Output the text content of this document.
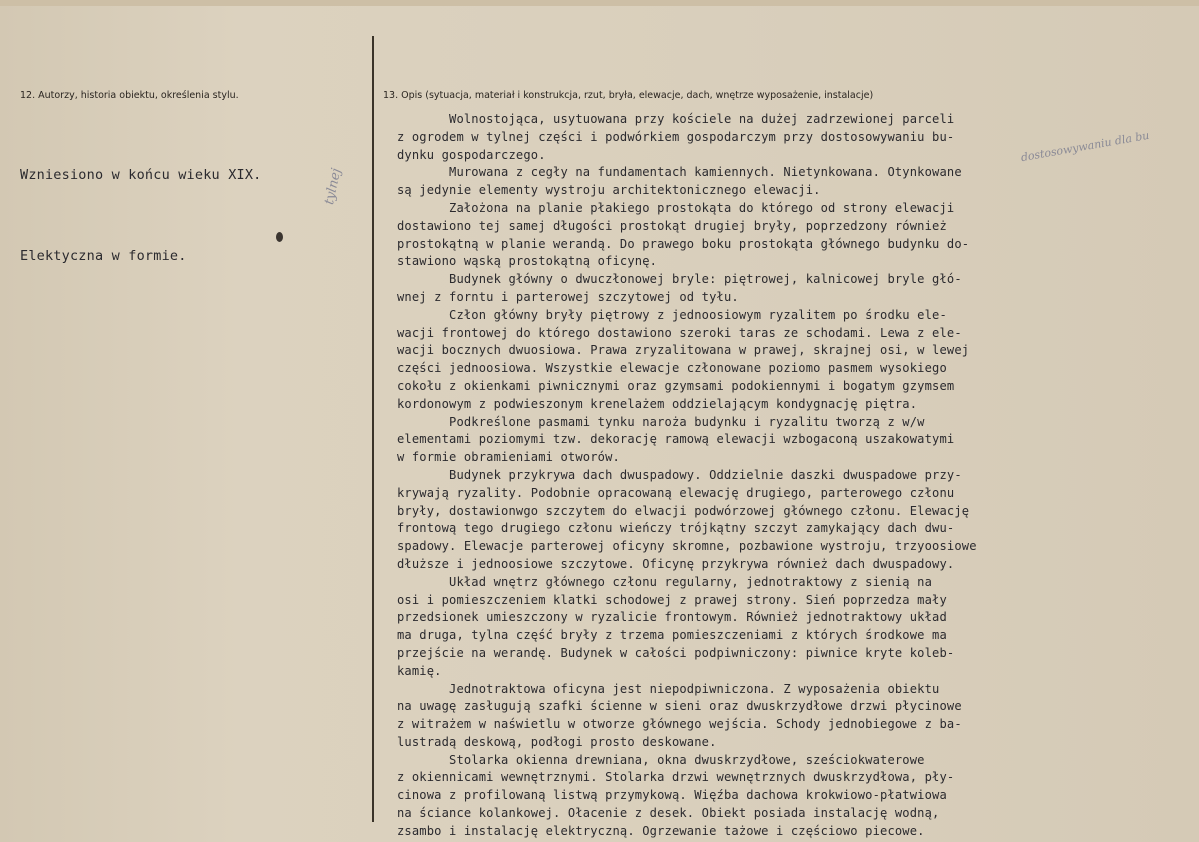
12. Autorzy, historia obiektu, określenia stylu.

Wzniesiono w końcu wieku XIX.

Elektyczna w formie.

tylnej
13. Opis (sytuacja, materiał i konstrukcja, rzut, bryła, elewacje, dach, wnętrze wyposażenie, instalacje)
dostosowywaniu dla bu
Wolnostojąca, usytuowana przy kościele na dużej zadrzewionej parceli
z ogrodem w tylnej części i podwórkiem gospodarczym przy dostosowywaniu bu-
dynku gospodarczego.
Murowana z cegły na fundamentach kamiennych. Nietynkowana. Otynkowane
są jedynie elementy wystroju architektonicznego elewacji.
Założona na planie płakiego prostokąta do którego od strony elewacji
dostawiono tej samej długości prostokąt drugiej bryły, poprzedzony również
prostokątną w planie werandą. Do prawego boku prostokąta głównego budynku do-
stawiono wąską prostokątną oficynę.
Budynek główny o dwuczłonowej bryle: piętrowej, kalnicowej bryle głó-
wnej z forntu i parterowej szczytowej od tyłu.
Człon główny bryły piętrowy z jednoosiowym ryzalitem po środku ele-
wacji frontowej do którego dostawiono szeroki taras ze schodami. Lewa z ele-
wacji bocznych dwuosiowa. Prawa zryzalitowana w prawej, skrajnej osi, w lewej
części jednoosiowa. Wszystkie elewacje członowane poziomo pasmem wysokiego
cokołu z okienkami piwnicznymi oraz gzymsami podokiennymi i bogatym gzymsem
kordonowym z podwieszonym krenelażem oddzielającym kondygnację piętra.
Podkreślone pasmami tynku naroża budynku i ryzalitu tworzą z w/w
elementami poziomymi tzw. dekorację ramową elewacji wzbogaconą uszakowatymi
w formie obramieniami otworów.
Budynek przykrywa dach dwuspadowy. Oddzielnie daszki dwuspadowe przy-
krywają ryzality. Podobnie opracowaną elewację drugiego, parterowego członu
bryły, dostawionwgo szczytem do elwacji podwórzowej głównego członu. Elewację
frontową tego drugiego członu wieńczy trójkątny szczyt zamykający dach dwu-
spadowy. Elewacje parterowej oficyny skromne, pozbawione wystroju, trzyoosiowe
dłuższe i jednoosiowe szczytowe. Oficynę przykrywa również dach dwuspadowy.
Układ wnętrz głównego członu regularny, jednotraktowy z sienią na
osi i pomieszczeniem klatki schodowej z prawej strony. Sień poprzedza mały
przedsionek umieszczony w ryzalicie frontowym. Również jednotraktowy układ
ma druga, tylna część bryły z trzema pomieszczeniami z których środkowe ma
przejście na werandę. Budynek w całości podpiwniczony: piwnice kryte koleb-
kamię.
Jednotraktowa oficyna jest niepodpiwniczona. Z wyposażenia obiektu
na uwagę zasługują szafki ścienne w sieni oraz dwuskrzydłowe drzwi płycinowe
z witrażem w naświetlu w otworze głównego wejścia. Schody jednobiegowe z ba-
lustradą deskową, podłogi prosto deskowane.
Stolarka okienna drewniana, okna dwuskrzydłowe, sześciokwaterowe
z okiennicami wewnętrznymi. Stolarka drzwi wewnętrznych dwuskrzydłowa, pły-
cinowa z profilowaną listwą przymykową. Więźba dachowa krokwiowo-płatwiowa
na ściance kolankowej. Ołacenie z desek. Obiekt posiada instalację wodną,
zsambo i instalację elektryczną. Ogrzewanie tażowe i częściowo piecowe.
